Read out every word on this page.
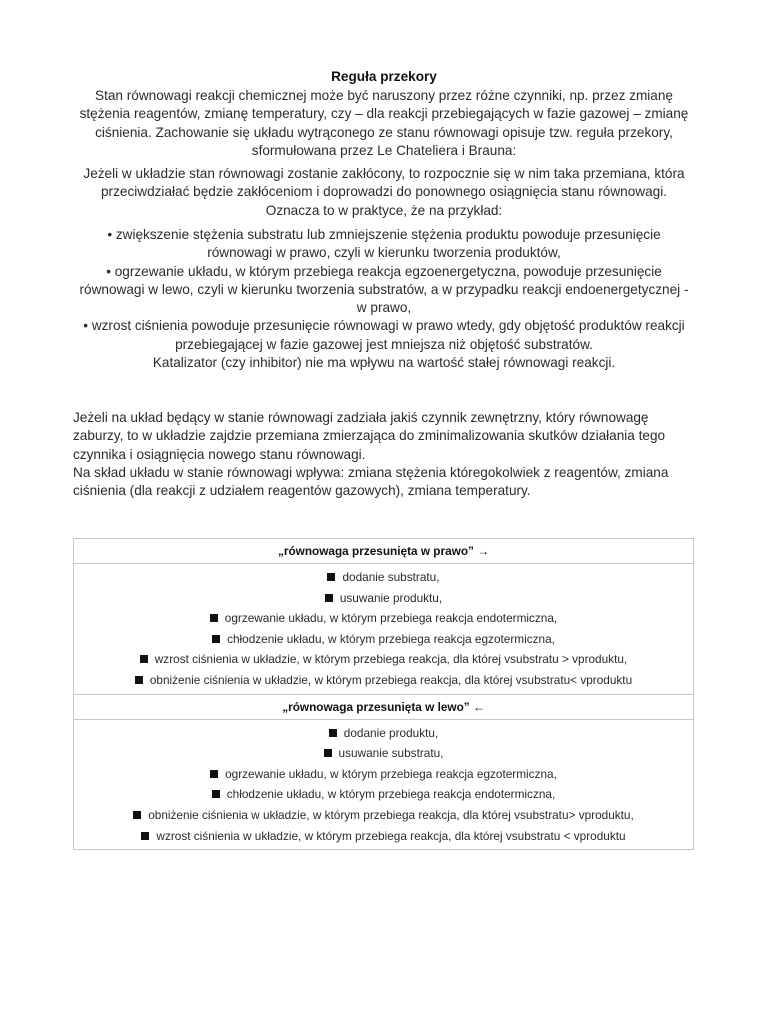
Reguła przekory
Stan równowagi reakcji chemicznej może być naruszony przez różne czynniki, np. przez zmianę stężenia reagentów, zmianę temperatury, czy – dla reakcji przebiegających w fazie gazowej – zmianę ciśnienia. Zachowanie się układu wytrąconego ze stanu równowagi opisuje tzw. reguła przekory, sformułowana przez Le Chateliera i Brauna:
Jeżeli w układzie stan równowagi zostanie zakłócony, to rozpocznie się w nim taka przemiana, która przeciwdziałać będzie zakłóceniom i doprowadzi do ponownego osiągnięcia stanu równowagi. Oznacza to w praktyce, że na przykład:

• zwiększenie stężenia substratu lub zmniejszenie stężenia produktu powoduje przesunięcie równowagi w prawo, czyli w kierunku tworzenia produktów,

• ogrzewanie układu, w którym przebiega reakcja egzoenergetyczna, powoduje przesunięcie równowagi w lewo, czyli w kierunku tworzenia substratów, a w przypadku reakcji endoenergetycznej - w prawo,

• wzrost ciśnienia powoduje przesunięcie równowagi w prawo wtedy, gdy objętość produktów reakcji przebiegającej w fazie gazowej jest mniejsza niż objętość substratów.

Katalizator (czy inhibitor) nie ma wpływu na wartość stałej równowagi reakcji.

Jeżeli na układ będący w stanie równowagi zadziała jakiś czynnik zewnętrzny, który równowagę zaburzy, to w układzie zajdzie przemiana zmierzająca do zminimalizowania skutków działania tego czynnika i osiągnięcia nowego stanu równowagi.

Na skład układu w stanie równowagi wpływa: zmiana stężenia któregokolwiek z reagentów, zmiana ciśnienia (dla reakcji z udziałem reagentów gazowych), zmiana temperatury.

„równowaga przesunięta w prawo” →
dodanie substratu,
usuwanie produktu,
ogrzewanie układu, w którym przebiega reakcja endotermiczna,
chłodzenie układu, w którym przebiega reakcja egzotermiczna,
wzrost ciśnienia w układzie, w którym przebiega reakcja, dla której vsubstratu > vproduktu,
obniżenie ciśnienia w układzie, w którym przebiega reakcja, dla której vsubstratu< vproduktu
„równowaga przesunięta w lewo” ←
dodanie produktu,
usuwanie substratu,
ogrzewanie układu, w którym przebiega reakcja egzotermiczna,
chłodzenie układu, w którym przebiega reakcja endotermiczna,
obniżenie ciśnienia w układzie, w którym przebiega reakcja, dla której vsubstratu> vproduktu,
wzrost ciśnienia w układzie, w którym przebiega reakcja, dla której vsubstratu < vproduktu
